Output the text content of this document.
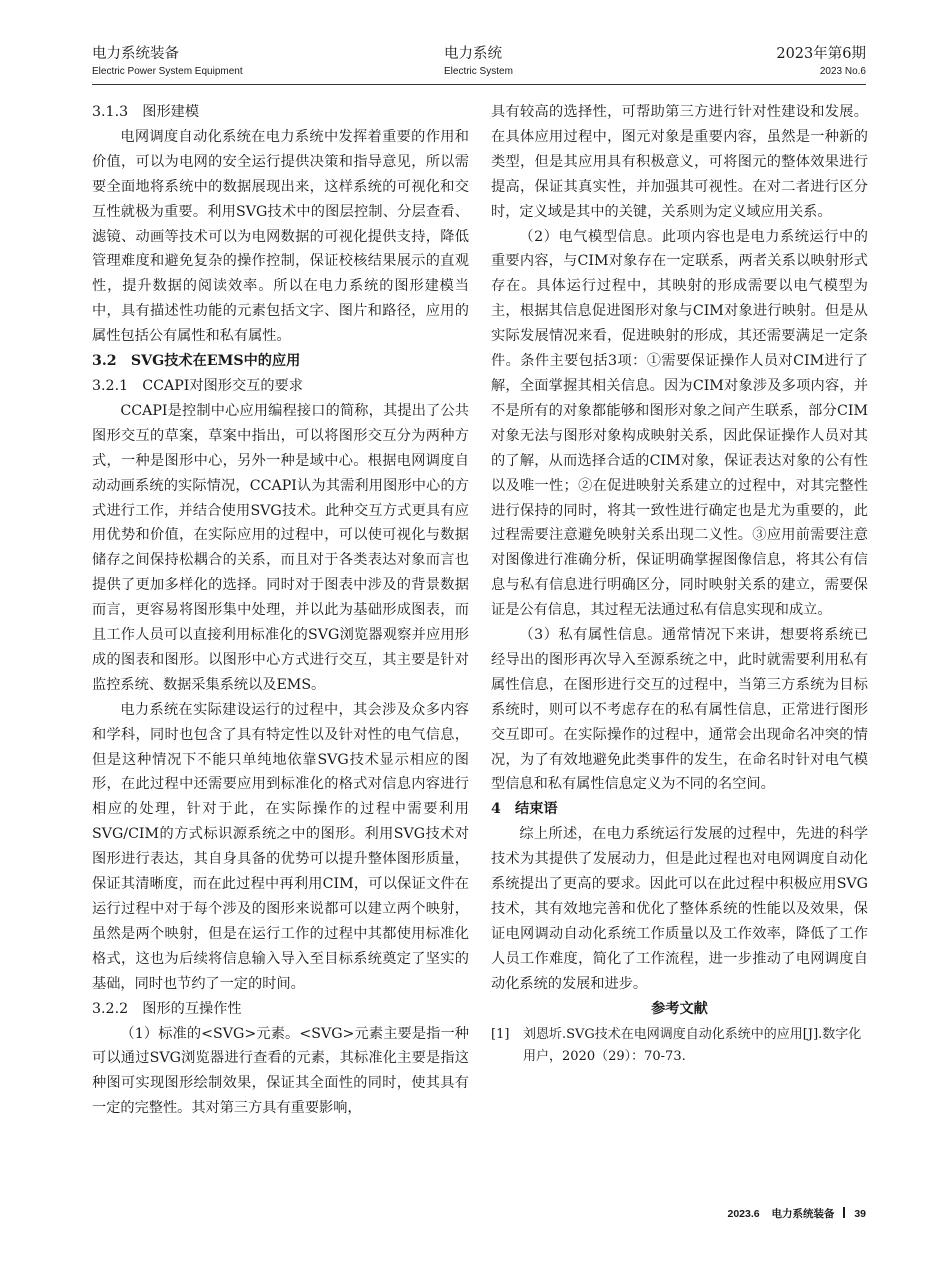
电力系统装备
Electric Power System Equipment
电力系统
Electric System
2023年第6期
2023 No.6

3.1.3　图形建模

电网调度自动化系统在电力系统中发挥着重要的作用和价值，可以为电网的安全运行提供决策和指导意见，所以需要全面地将系统中的数据展现出来，这样系统的可视化和交互性就极为重要。利用SVG技术中的图层控制、分层查看、滤镜、动画等技术可以为电网数据的可视化提供支持，降低管理难度和避免复杂的操作控制，保证校核结果展示的直观性，提升数据的阅读效率。所以在电力系统的图形建模当中，具有描述性功能的元素包括文字、图片和路径，应用的属性包括公有属性和私有属性。

3.2　SVG技术在EMS中的应用

3.2.1　CCAPI对图形交互的要求

CCAPI是控制中心应用编程接口的简称，其提出了公共图形交互的草案，草案中指出，可以将图形交互分为两种方式，一种是图形中心，另外一种是域中心。根据电网调度自动动画系统的实际情况，CCAPI认为其需利用图形中心的方式进行工作，并结合使用SVG技术。此种交互方式更具有应用优势和价值，在实际应用的过程中，可以使可视化与数据储存之间保持松耦合的关系，而且对于各类表达对象而言也提供了更加多样化的选择。同时对于图表中涉及的背景数据而言，更容易将图形集中处理，并以此为基础形成图表，而且工作人员可以直接利用标准化的SVG浏览器观察并应用形成的图表和图形。以图形中心方式进行交互，其主要是针对监控系统、数据采集系统以及EMS。

电力系统在实际建设运行的过程中，其会涉及众多内容和学科，同时也包含了具有特定性以及针对性的电气信息，但是这种情况下不能只单纯地依靠SVG技术显示相应的图形，在此过程中还需要应用到标准化的格式对信息内容进行相应的处理，针对于此，在实际操作的过程中需要利用SVG/CIM的方式标识源系统之中的图形。利用SVG技术对图形进行表达，其自身具备的优势可以提升整体图形质量，保证其清晰度，而在此过程中再利用CIM，可以保证文件在运行过程中对于每个涉及的图形来说都可以建立两个映射，虽然是两个映射，但是在运行工作的过程中其都使用标准化格式，这也为后续将信息输入导入至目标系统奠定了坚实的基础，同时也节约了一定的时间。

3.2.2　图形的互操作性

（1）标准的<SVG>元素。<SVG>元素主要是指一种可以通过SVG浏览器进行查看的元素，其标准化主要是指这种图可实现图形绘制效果，保证其全面性的同时，使其具有一定的完整性。其对第三方具有重要影响，

具有较高的选择性，可帮助第三方进行针对性建设和发展。在具体应用过程中，图元对象是重要内容，虽然是一种新的类型，但是其应用具有积极意义，可将图元的整体效果进行提高，保证其真实性，并加强其可视性。在对二者进行区分时，定义域是其中的关键，关系则为定义域应用关系。

（2）电气模型信息。此项内容也是电力系统运行中的重要内容，与CIM对象存在一定联系，两者关系以映射形式存在。具体运行过程中，其映射的形成需要以电气模型为主，根据其信息促进图形对象与CIM对象进行映射。但是从实际发展情况来看，促进映射的形成，其还需要满足一定条件。条件主要包括3项：①需要保证操作人员对CIM进行了解，全面掌握其相关信息。因为CIM对象涉及多项内容，并不是所有的对象都能够和图形对象之间产生联系，部分CIM对象无法与图形对象构成映射关系，因此保证操作人员对其的了解，从而选择合适的CIM对象，保证表达对象的公有性以及唯一性；②在促进映射关系建立的过程中，对其完整性进行保持的同时，将其一致性进行确定也是尤为重要的，此过程需要注意避免映射关系出现二义性。③应用前需要注意对图像进行准确分析，保证明确掌握图像信息，将其公有信息与私有信息进行明确区分，同时映射关系的建立，需要保证是公有信息，其过程无法通过私有信息实现和成立。

（3）私有属性信息。通常情况下来讲，想要将系统已经导出的图形再次导入至源系统之中，此时就需要利用私有属性信息，在图形进行交互的过程中，当第三方系统为目标系统时，则可以不考虑存在的私有属性信息，正常进行图形交互即可。在实际操作的过程中，通常会出现命名冲突的情况，为了有效地避免此类事件的发生，在命名时针对电气模型信息和私有属性信息定义为不同的名空间。

4　结束语

综上所述，在电力系统运行发展的过程中，先进的科学技术为其提供了发展动力，但是此过程也对电网调度自动化系统提出了更高的要求。因此可以在此过程中积极应用SVG技术，其有效地完善和优化了整体系统的性能以及效果，保证电网调动自动化系统工作质量以及工作效率，降低了工作人员工作难度，简化了工作流程，进一步推动了电网调度自动化系统的发展和进步。

参考文献

[1]	刘恩圻.SVG技术在电网调度自动化系统中的应用[J].数字化用户，2020（29）：70-73.
2023.6 电力系统装备 39
